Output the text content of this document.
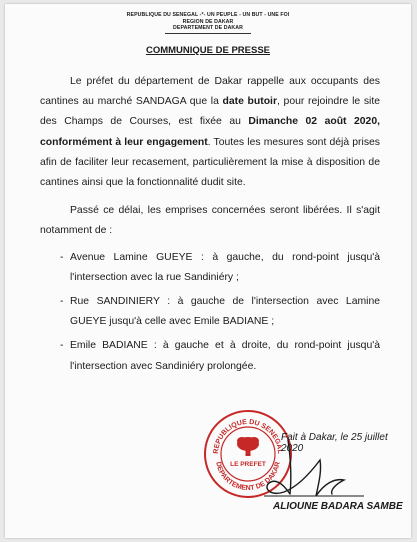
REPUBLIQUE DU SENEGAL -*- UN PEUPLE - UN BUT - UNE FOI
REGION DE DAKAR
DEPARTEMENT DE DAKAR
COMMUNIQUE DE PRESSE

Le préfet du département de Dakar rappelle aux occupants des cantines au marché SANDAGA que la date butoir, pour rejoindre le site des Champs de Courses, est fixée au Dimanche 02 août 2020, conformément à leur engagement. Toutes les mesures sont déjà prises afin de faciliter leur recasement, particulièrement la mise à disposition de cantines ainsi que la fonctionnalité dudit site.

Passé ce délai, les emprises concernées seront libérées. Il s'agit notamment de :

- Avenue Lamine GUEYE : à gauche, du rond-point jusqu'à l'intersection avec la rue Sandiniéry ;
- Rue SANDINIERY : à gauche de l'intersection avec Lamine GUEYE jusqu'à celle avec Emile BADIANE ;
- Emile BADIANE : à gauche et à droite, du rond-point jusqu'à l'intersection avec Sandiniéry prolongée.
REPUBLIQUE DU SENEGAL
DEPARTEMENT DE DAKAR
LE PREFET
Fait à Dakar, le 25 juillet 2020
ALIOUNE BADARA SAMBE
